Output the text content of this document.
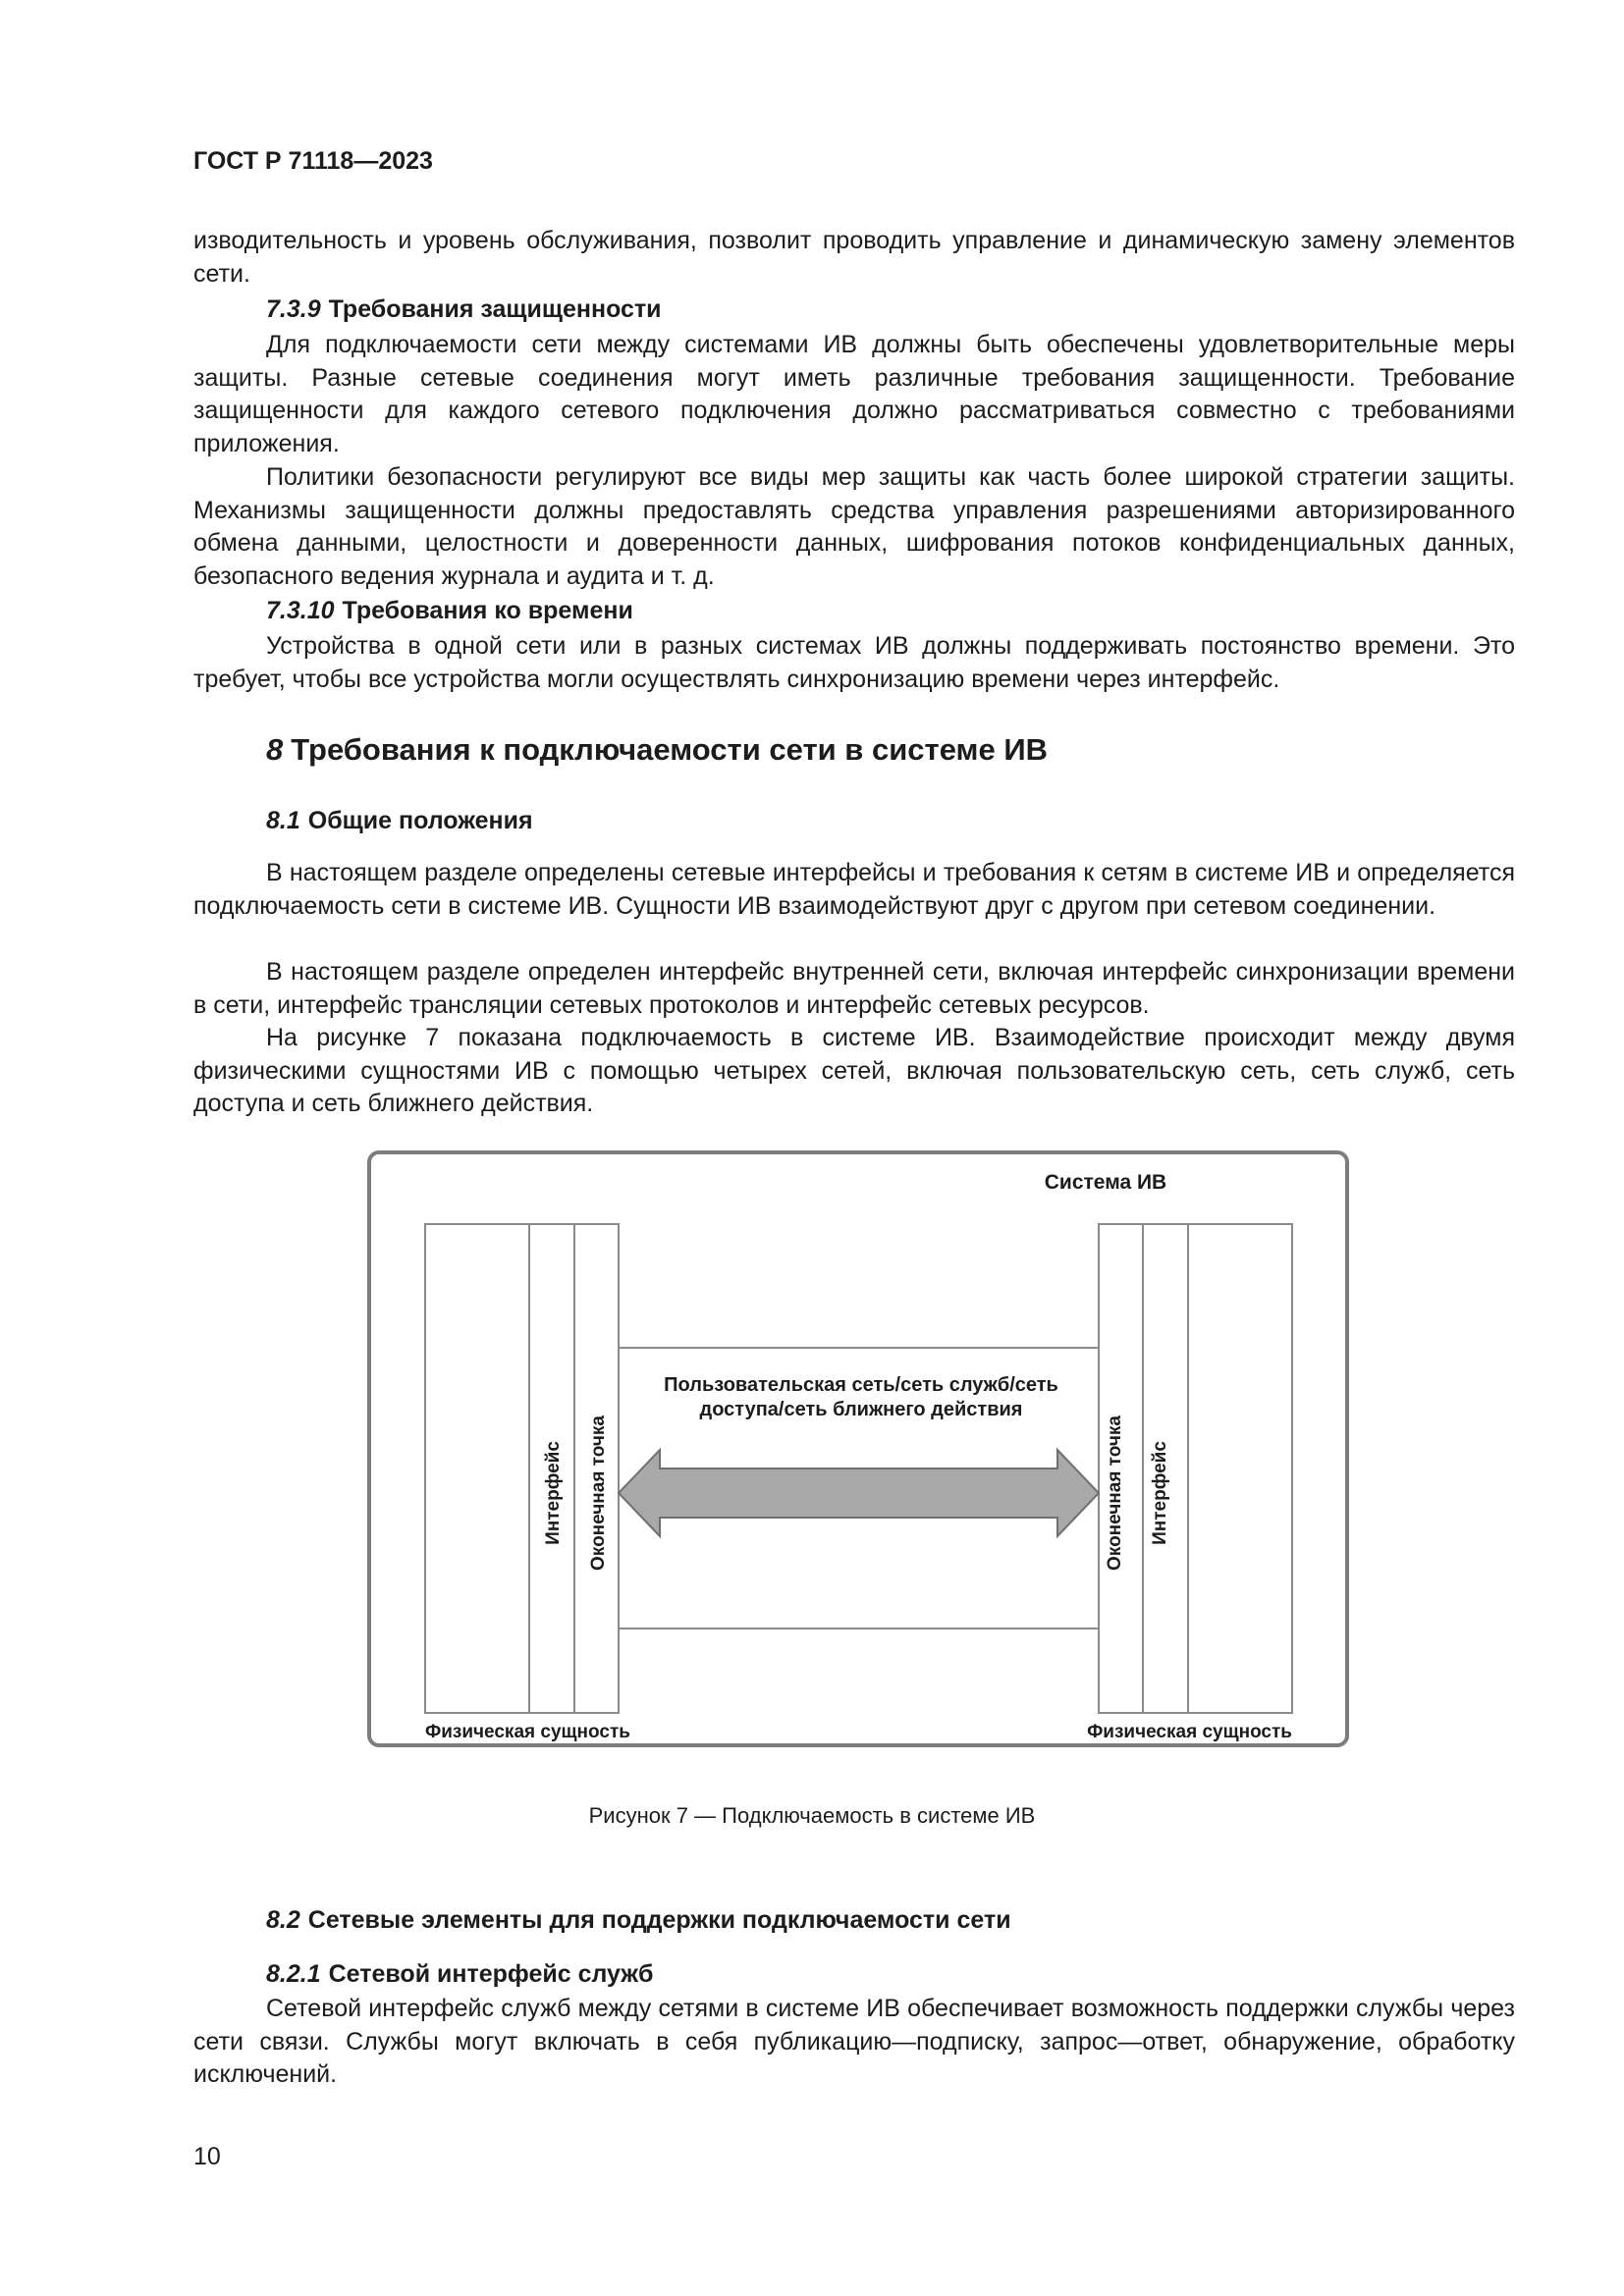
ГОСТ Р 71118—2023
изводительность и уровень обслуживания, позволит проводить управление и динамическую замену элементов сети.
7.3.9 Требования защищенности
Для подключаемости сети между системами ИВ должны быть обеспечены удовлетворительные меры защиты. Разные сетевые соединения могут иметь различные требования защищенности. Требование защищенности для каждого сетевого подключения должно рассматриваться совместно с требованиями приложения.
Политики безопасности регулируют все виды мер защиты как часть более широкой стратегии защиты. Механизмы защищенности должны предоставлять средства управления разрешениями авторизированного обмена данными, целостности и доверенности данных, шифрования потоков конфиденциальных данных, безопасного ведения журнала и аудита и т. д.
7.3.10 Требования ко времени
Устройства в одной сети или в разных системах ИВ должны поддерживать постоянство времени. Это требует, чтобы все устройства могли осуществлять синхронизацию времени через интерфейс.
8 Требования к подключаемости сети в системе ИВ
8.1 Общие положения
В настоящем разделе определены сетевые интерфейсы и требования к сетям в системе ИВ и определяется подключаемость сети в системе ИВ. Сущности ИВ взаимодействуют друг с другом при сетевом соединении.
В настоящем разделе определен интерфейс внутренней сети, включая интерфейс синхронизации времени в сети, интерфейс трансляции сетевых протоколов и интерфейс сетевых ресурсов.
На рисунке 7 показана подключаемость в системе ИВ. Взаимодействие происходит между двумя физическими сущностями ИВ с помощью четырех сетей, включая пользовательскую сеть, сеть служб, сеть доступа и сеть ближнего действия.
Система ИВ
Интерфейс Оконечная точка	Оконечная точка Интерфейс
Пользовательская сеть/сеть служб/сеть
доступа/сеть ближнего действия
Физическая сущность	Физическая сущность
Рисунок 7 — Подключаемость в системе ИВ
8.2 Сетевые элементы для поддержки подключаемости сети
8.2.1 Сетевой интерфейс служб
Сетевой интерфейс служб между сетями в системе ИВ обеспечивает возможность поддержки службы через сети связи. Службы могут включать в себя публикацию—подписку, запрос—ответ, обнаружение, обработку исключений.
10
